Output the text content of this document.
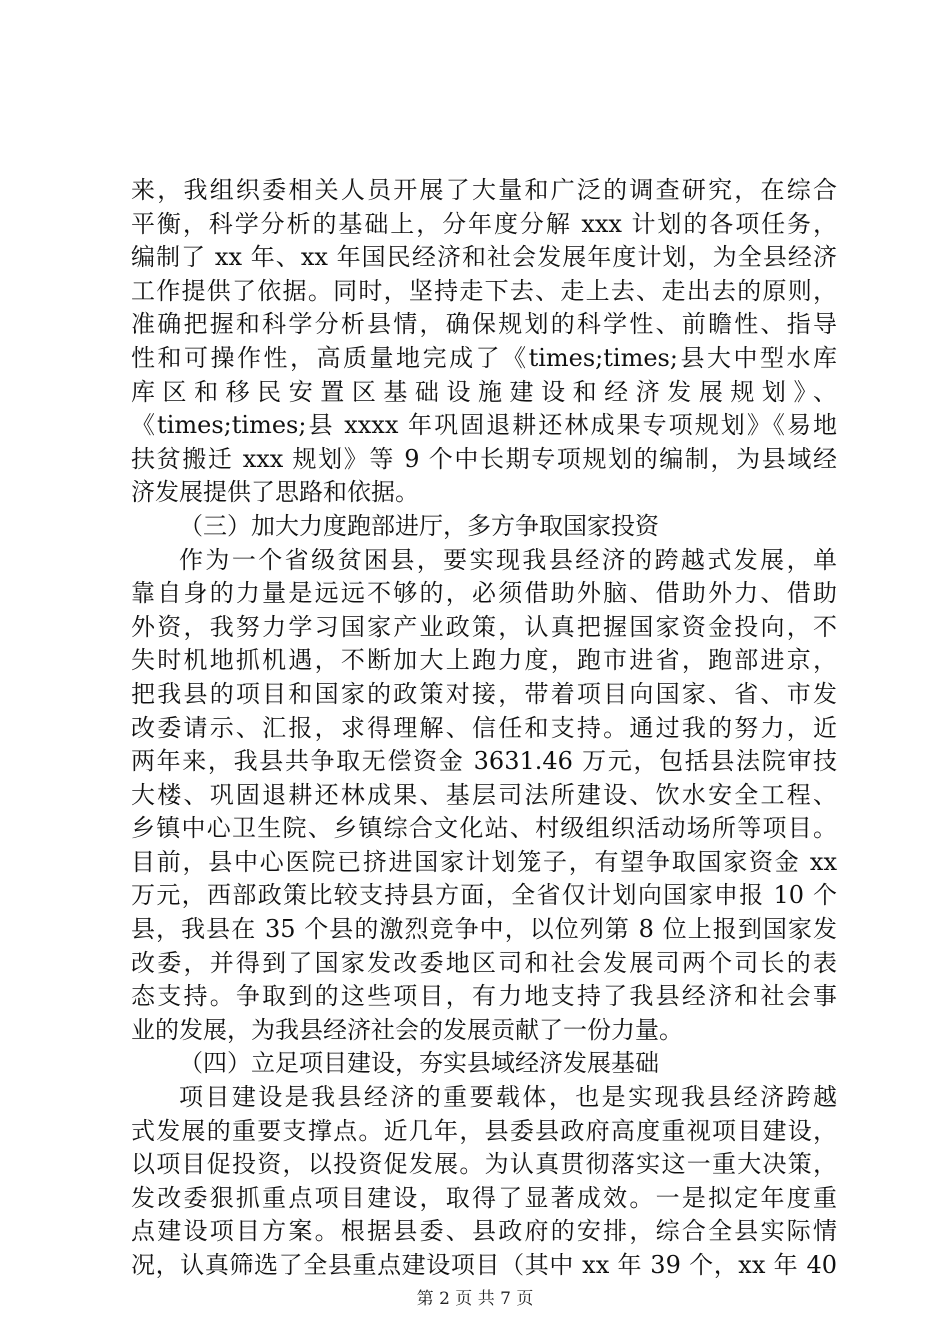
来，我组织委相关人员开展了大量和广泛的调查研究，在综合
平衡，科学分析的基础上，分年度分解 xxx 计划的各项任务，
编制了 xx 年、xx 年国民经济和社会发展年度计划，为全县经济
工作提供了依据。同时，坚持走下去、走上去、走出去的原则，
准确把握和科学分析县情，确保规划的科学性、前瞻性、指导
性和可操作性，高质量地完成了《times;times;县大中型水库
库区和移民安置区基础设施建设和经济发展规划》、
《times;times;县 xxxx 年巩固退耕还林成果专项规划》《易地
扶贫搬迁 xxx 规划》等 9 个中长期专项规划的编制，为县域经
济发展提供了思路和依据。
（三）加大力度跑部进厅，多方争取国家投资
作为一个省级贫困县，要实现我县经济的跨越式发展，单
靠自身的力量是远远不够的，必须借助外脑、借助外力、借助
外资，我努力学习国家产业政策，认真把握国家资金投向，不
失时机地抓机遇，不断加大上跑力度，跑市进省，跑部进京，
把我县的项目和国家的政策对接，带着项目向国家、省、市发
改委请示、汇报，求得理解、信任和支持。通过我的努力，近
两年来，我县共争取无偿资金 3631.46 万元，包括县法院审技
大楼、巩固退耕还林成果、基层司法所建设、饮水安全工程、
乡镇中心卫生院、乡镇综合文化站、村级组织活动场所等项目。
目前，县中心医院已挤进国家计划笼子，有望争取国家资金 xx
万元，西部政策比较支持县方面，全省仅计划向国家申报 10 个
县，我县在 35 个县的激烈竞争中，以位列第 8 位上报到国家发
改委，并得到了国家发改委地区司和社会发展司两个司长的表
态支持。争取到的这些项目，有力地支持了我县经济和社会事
业的发展，为我县经济社会的发展贡献了一份力量。
（四）立足项目建设，夯实县域经济发展基础
项目建设是我县经济的重要载体，也是实现我县经济跨越
式发展的重要支撑点。近几年，县委县政府高度重视项目建设，
以项目促投资，以投资促发展。为认真贯彻落实这一重大决策，
发改委狠抓重点项目建设，取得了显著成效。一是拟定年度重
点建设项目方案。根据县委、县政府的安排，综合全县实际情
况，认真筛选了全县重点建设项目（其中 xx 年 39 个，xx 年 40
第 2 页 共 7 页
